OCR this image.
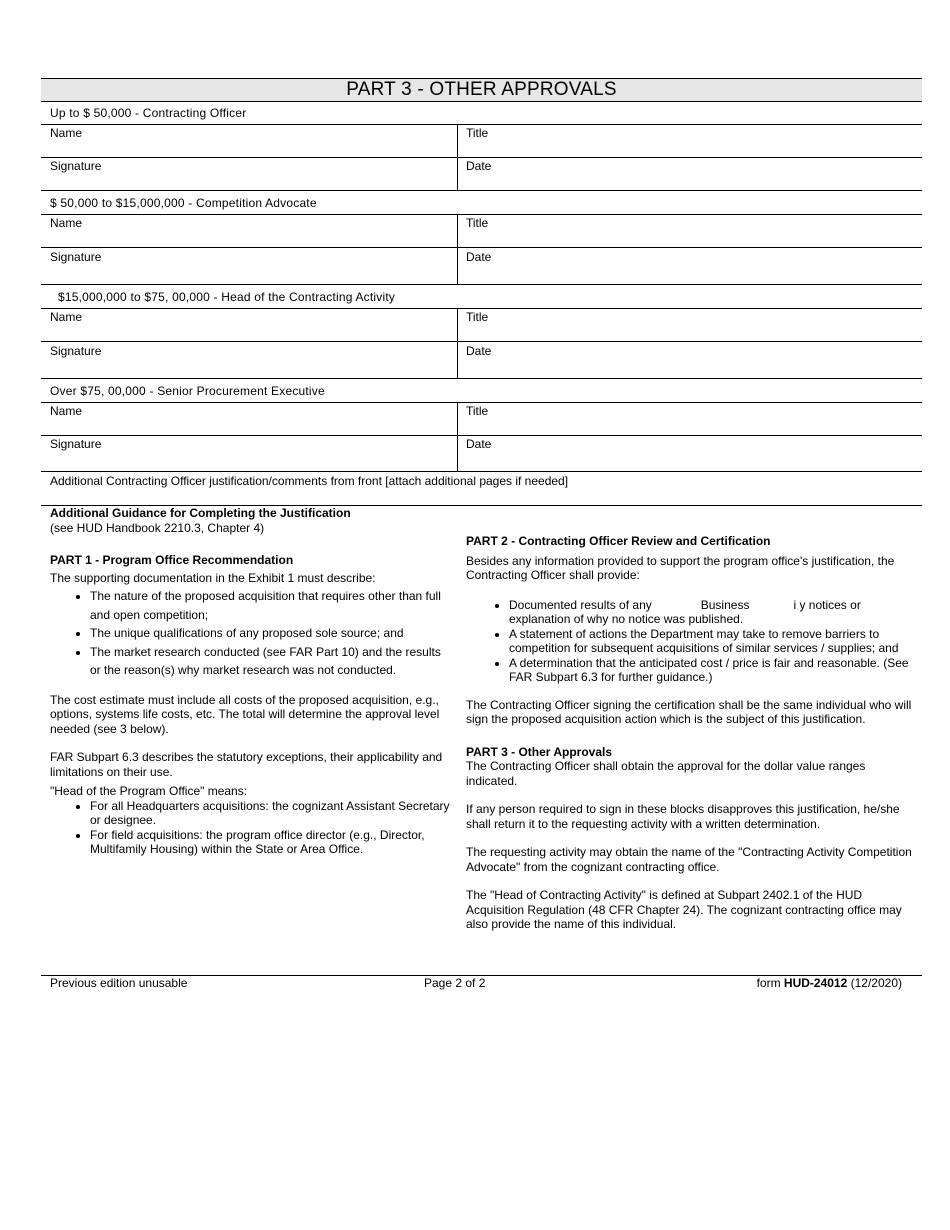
PART 3 - OTHER APPROVALS
Up to $ 50,000 - Contracting Officer
Name	Title
Signature	Date
$ 50,000 to $15,000,000 - Competition Advocate
Name	Title
Signature	Date
$15,000,000 to $75, 00,000 - Head of the Contracting Activity
Name	Title
Signature	Date
Over $75, 00,000 - Senior Procurement Executive
Name	Title
Signature	Date
Additional Contracting Officer justification/comments from front [attach additional pages if needed]

Additional Guidance for Completing the Justification

(see HUD Handbook 2210.3, Chapter 4)

PART 1 - Program Office Recommendation

The supporting documentation in the Exhibit 1 must describe:

• The nature of the proposed acquisition that requires other than full and open competition;
• The unique qualifications of any proposed sole source; and
• The market research conducted (see FAR Part 10) and the results or the reason(s) why market research was not conducted.

The cost estimate must include all costs of the proposed acquisition, e.g., options, systems life costs, etc. The total will determine the approval level needed (see 3 below).

FAR Subpart 6.3 describes the statutory exceptions, their applicability and limitations on their use.

"Head of the Program Office" means:

• For all Headquarters acquisitions: the cognizant Assistant Secretary or designee.
• For field acquisitions: the program office director (e.g., Director, Multifamily Housing) within the State or Area Office.

PART 2 - Contracting Officer Review and Certification

Besides any information provided to support the program office's justification, the Contracting Officer shall provide:

• Documented results of any	Business	i y notices or
explanation of why no notice was published.
• A statement of actions the Department may take to remove barriers to competition for subsequent acquisitions of similar services / supplies; and
• A determination that the anticipated cost / price is fair and reasonable. (See FAR Subpart 6.3 for further guidance.)

The Contracting Officer signing the certification shall be the same individual who will sign the proposed acquisition action which is the subject of this justification.

PART 3 - Other Approvals

The Contracting Officer shall obtain the approval for the dollar value ranges indicated.

If any person required to sign in these blocks disapproves this justification, he/she shall return it to the requesting activity with a written determination.

The requesting activity may obtain the name of the "Contracting Activity Competition Advocate" from the cognizant contracting office.

The "Head of Contracting Activity" is defined at Subpart 2402.1 of the HUD Acquisition Regulation (48 CFR Chapter 24). The cognizant contracting office may also provide the name of this individual.

Previous edition unusable	Page 2 of 2	form HUD-24012 (12/2020)
